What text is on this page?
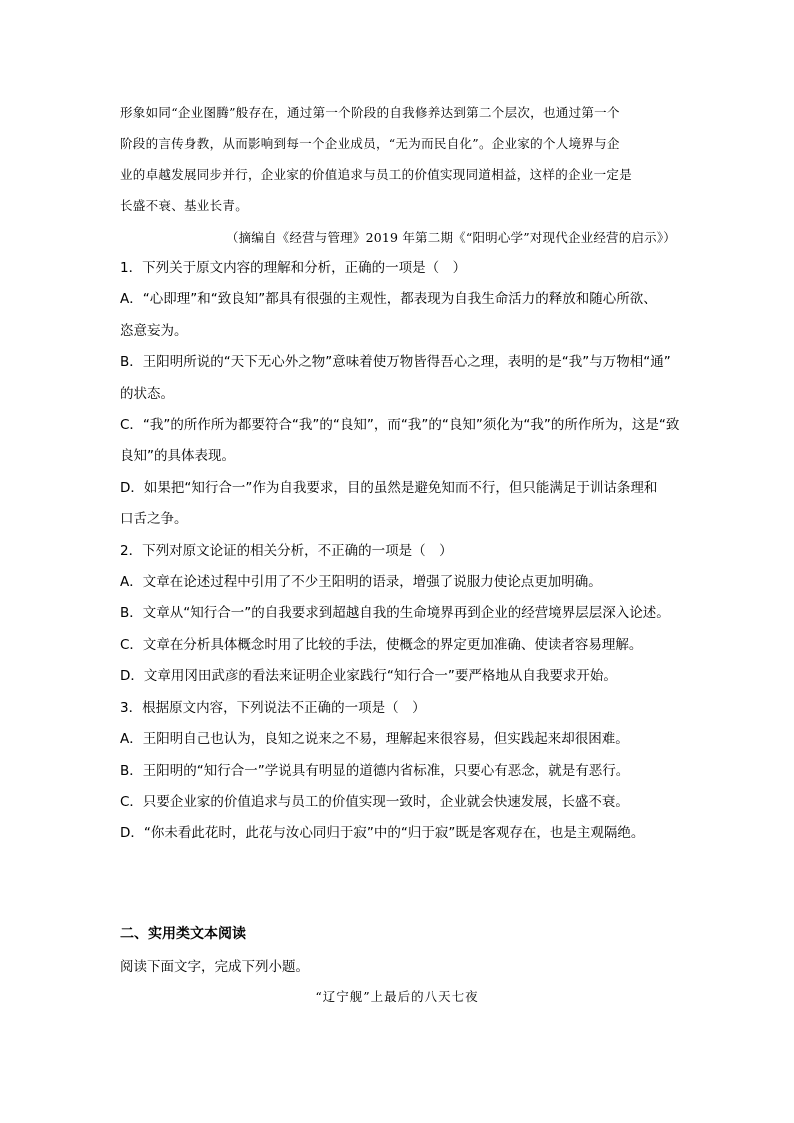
形象如同“企业图腾”般存在，通过第一个阶段的自我修养达到第二个层次，也通过第一个
阶段的言传身教，从而影响到每一个企业成员，“无为而民自化”。企业家的个人境界与企
业的卓越发展同步并行，企业家的价值追求与员工的价值实现同道相益，这样的企业一定是
长盛不衰、基业长青。
（摘编自《经营与管理》2019 年第二期《“阳明心学”对现代企业经营的启示》）
1．下列关于原文内容的理解和分析，正确的一项是（　）
A．“心即理”和“致良知”都具有很强的主观性，都表现为自我生命活力的释放和随心所欲、
恣意妄为。
B．王阳明所说的“天下无心外之物”意味着使万物皆得吾心之理，表明的是“我”与万物相“通”
的状态。
C．“我”的所作所为都要符合“我”的“良知”，而“我”的“良知”须化为“我”的所作所为，这是“致
良知”的具体表现。
D．如果把“知行合一”作为自我要求，目的虽然是避免知而不行，但只能满足于训诂条理和
口舌之争。
2．下列对原文论证的相关分析，不正确的一项是（　）
A．文章在论述过程中引用了不少王阳明的语录，增强了说服力使论点更加明确。
B．文章从“知行合一”的自我要求到超越自我的生命境界再到企业的经营境界层层深入论述。
C．文章在分析具体概念时用了比较的手法，使概念的界定更加准确、使读者容易理解。
D．文章用冈田武彦的看法来证明企业家践行“知行合一”要严格地从自我要求开始。
3．根据原文内容，下列说法不正确的一项是（　）
A．王阳明自己也认为，良知之说来之不易，理解起来很容易，但实践起来却很困难。
B．王阳明的“知行合一”学说具有明显的道德内省标准，只要心有恶念，就是有恶行。
C．只要企业家的价值追求与员工的价值实现一致时，企业就会快速发展，长盛不衰。
D．“你未看此花时，此花与汝心同归于寂”中的“归于寂”既是客观存在，也是主观隔绝。
二、实用类文本阅读
阅读下面文字，完成下列小题。
“辽宁舰”上最后的八天七夜
